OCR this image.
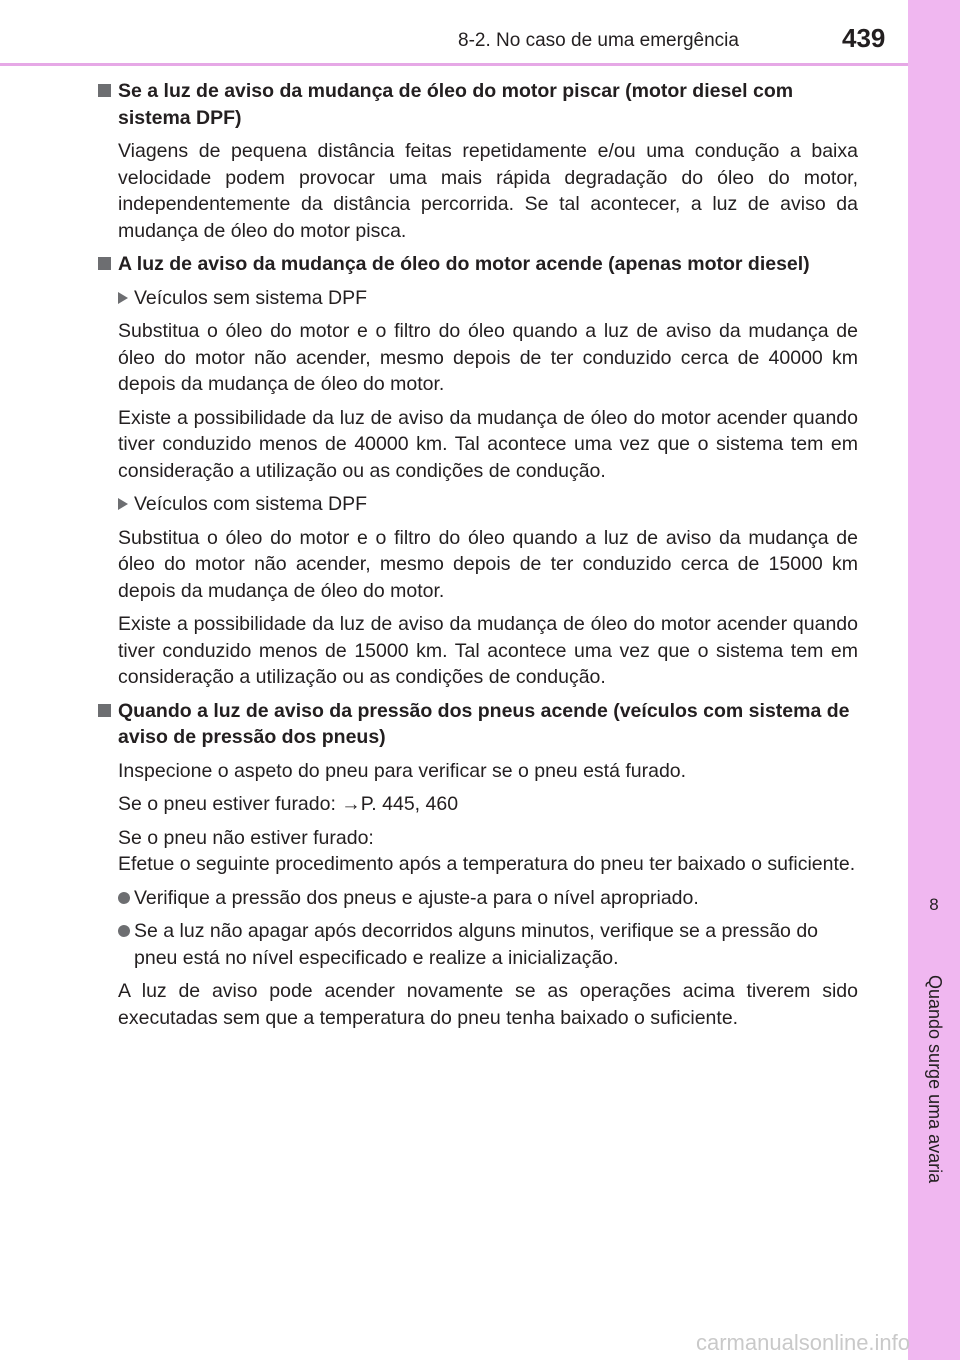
8-2. No caso de uma emergência	439
8
Quando surge uma avaria
Se a luz de aviso da mudança de óleo do motor piscar (motor diesel com sistema DPF)
Viagens de pequena distância feitas repetidamente e/ou uma condução a baixa velocidade podem provocar uma mais rápida degradação do óleo do motor, independentemente da distância percorrida. Se tal acontecer, a luz de aviso da mudança de óleo do motor pisca.
A luz de aviso da mudança de óleo do motor acende (apenas motor diesel)
Veículos sem sistema DPF
Substitua o óleo do motor e o filtro do óleo quando a luz de aviso da mudança de óleo do motor não acender, mesmo depois de ter conduzido cerca de 40000 km depois da mudança de óleo do motor.
Existe a possibilidade da luz de aviso da mudança de óleo do motor acender quando tiver conduzido menos de 40000 km. Tal acontece uma vez que o sistema tem em consideração a utilização ou as condições de condução.
Veículos com sistema DPF
Substitua o óleo do motor e o filtro do óleo quando a luz de aviso da mudança de óleo do motor não acender, mesmo depois de ter conduzido cerca de 15000 km depois da mudança de óleo do motor.
Existe a possibilidade da luz de aviso da mudança de óleo do motor acender quando tiver conduzido menos de 15000 km. Tal acontece uma vez que o sistema tem em consideração a utilização ou as condições de condução.
Quando a luz de aviso da pressão dos pneus acende (veículos com sistema de aviso de pressão dos pneus)
Inspecione o aspeto do pneu para verificar se o pneu está furado.
Se o pneu estiver furado: →P. 445, 460
Se o pneu não estiver furado:
Efetue o seguinte procedimento após a temperatura do pneu ter baixado o suficiente.
Verifique a pressão dos pneus e ajuste-a para o nível apropriado.
Se a luz não apagar após decorridos alguns minutos, verifique se a pressão do pneu está no nível especificado e realize a inicialização.
A luz de aviso pode acender novamente se as operações acima tiverem sido executadas sem que a temperatura do pneu tenha baixado o suficiente.
carmanualsonline.info
